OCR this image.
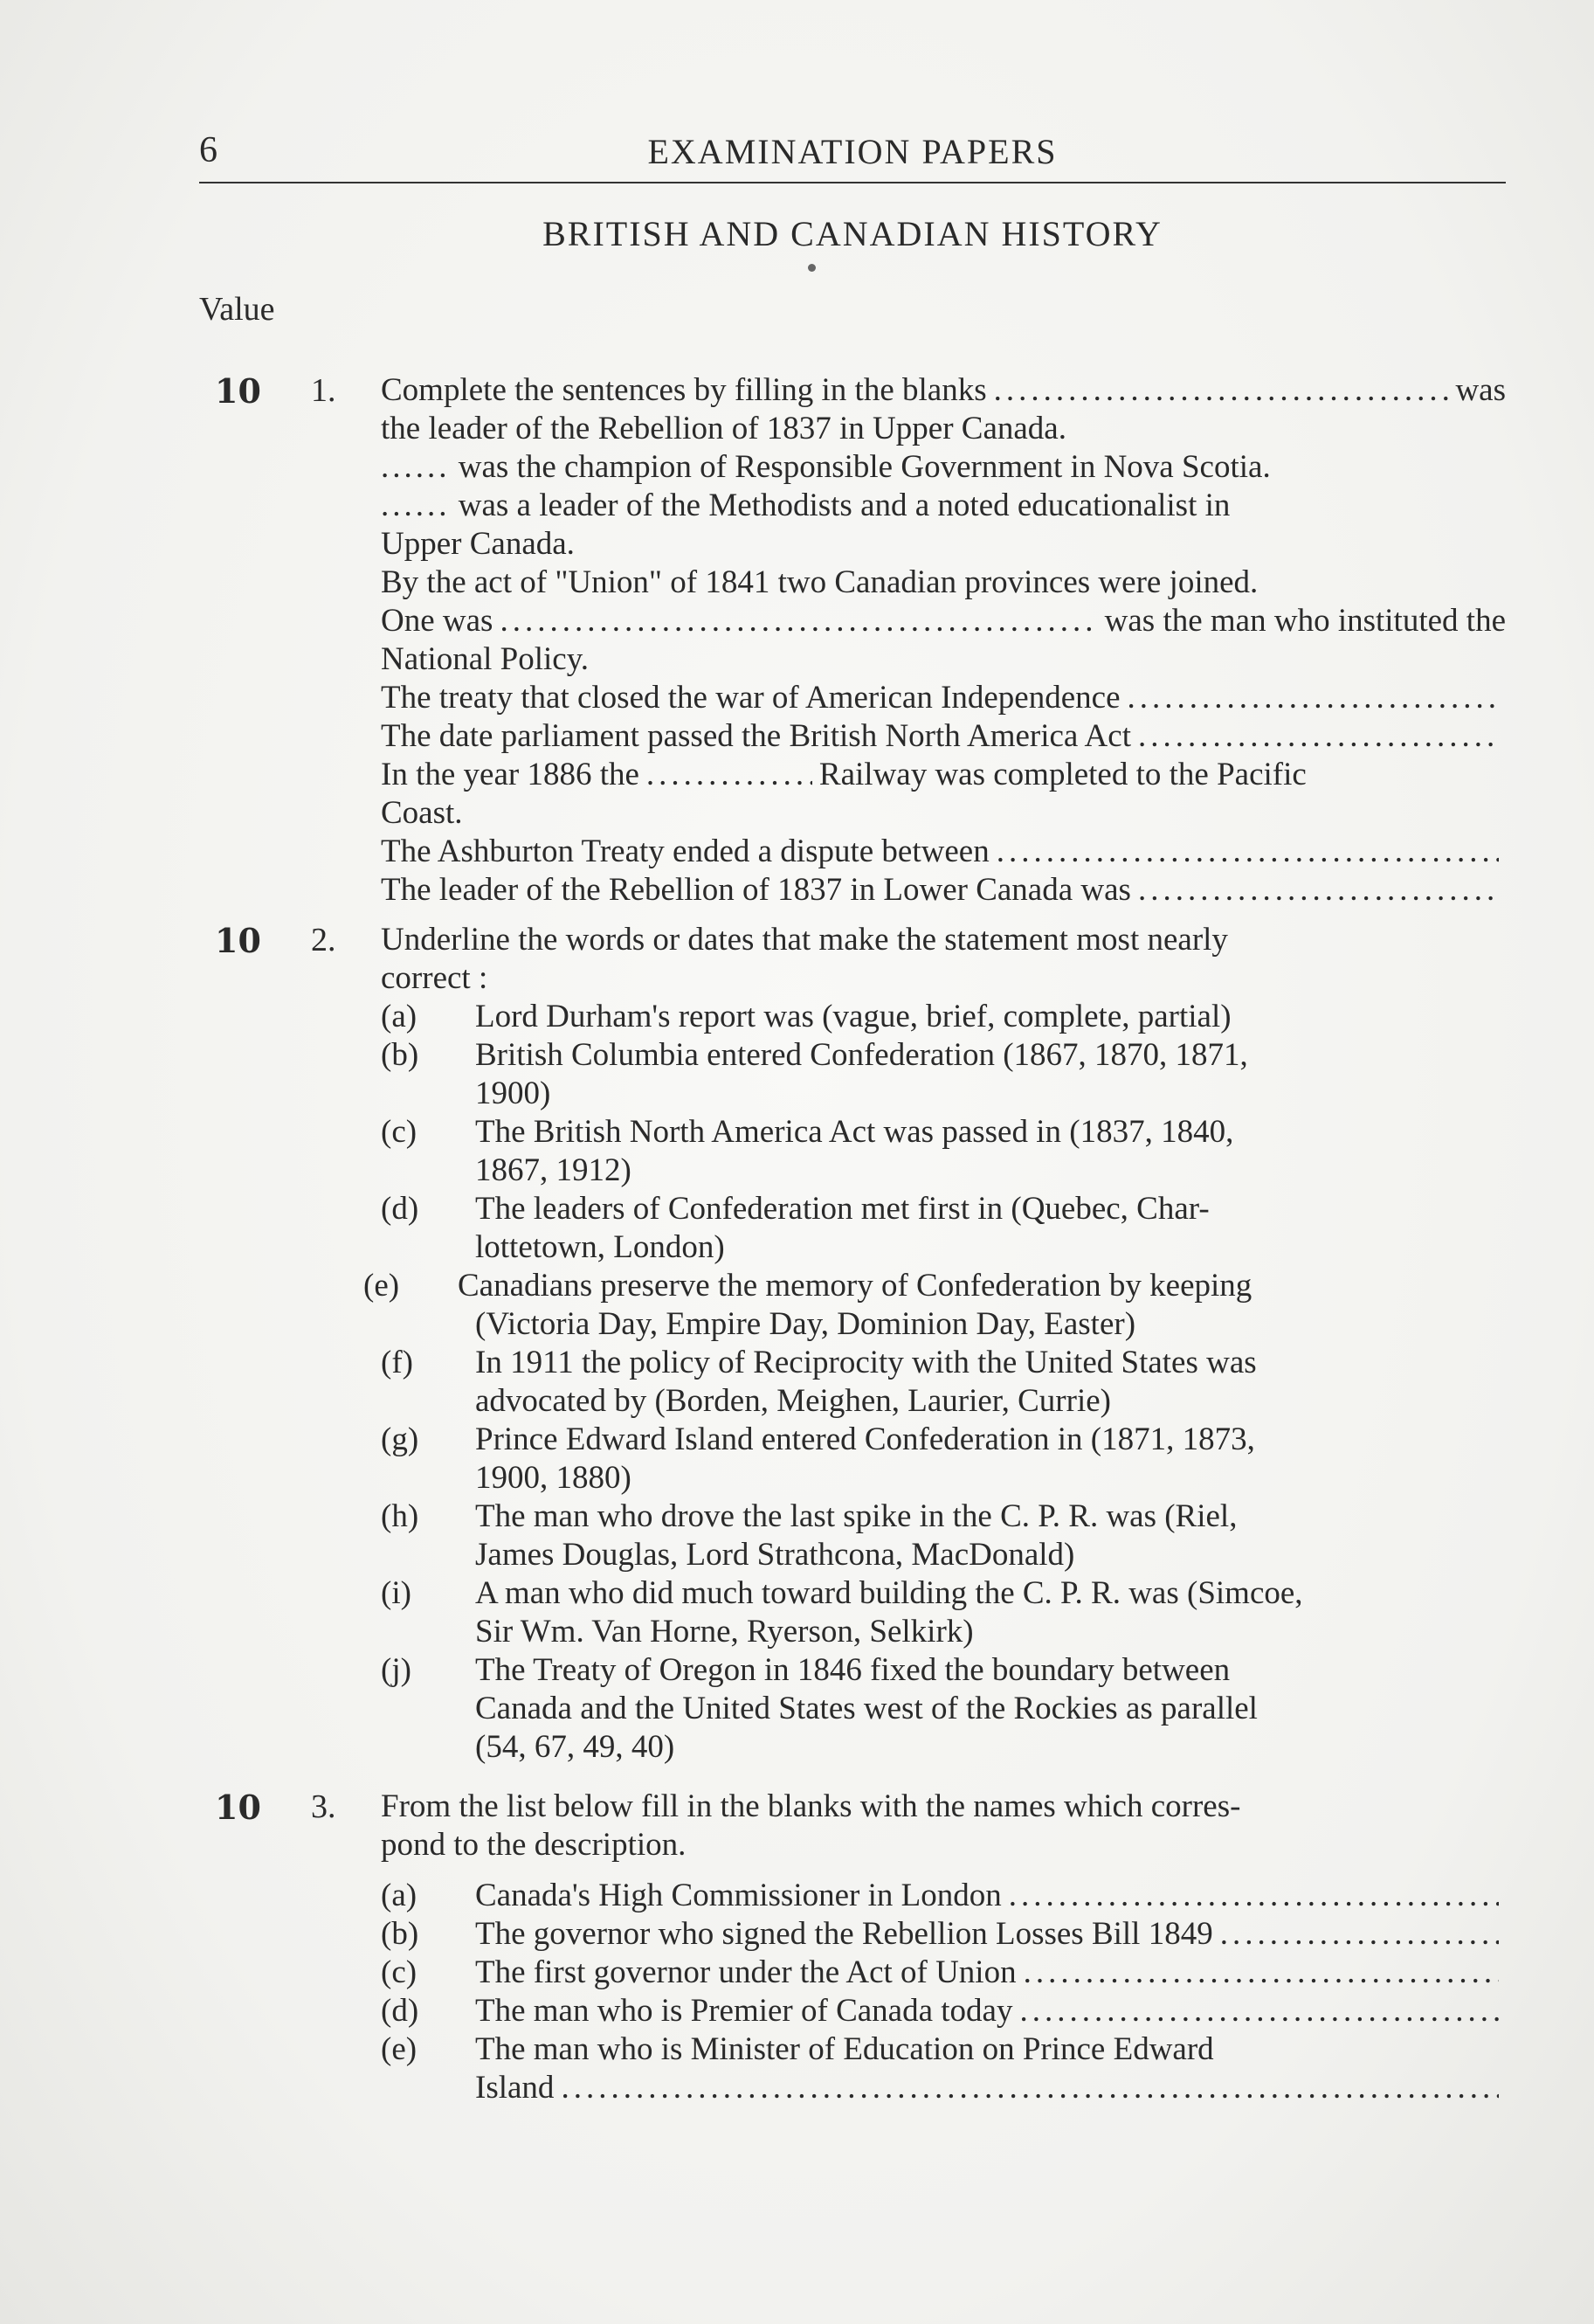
6	EXAMINATION PAPERS
BRITISH AND CANADIAN HISTORY
Value
10 1. Complete the sentences by filling in the blanks .....	was
the leader of the Rebellion of 1837 in Upper Canada.
......
was the champion of Responsible Government in Nova Scotia.
......
was a leader of the Methodists and a noted educationalist in
Upper Canada.
By the act of "Union" of 1841 two Canadian provinces were joined.
One was .....	was the man who instituted the
National Policy.
The treaty that closed the war of American Independence
.....
The date parliament passed the British North America Act
.....
In the year 1886 the .....	Railway was completed to the Pacific
Coast.
The Ashburton Treaty ended a dispute between
.....
The leader of the Rebellion of 1837 in Lower Canada was
.....
10 2. Underline the words or dates that make the statement most nearly
correct :
(a) Lord Durham's report was (vague, brief, complete, partial)
(b) British Columbia entered Confederation (1867, 1870, 1871,
1900)
(c) The British North America Act was passed in (1837, 1840,
1867, 1912)
(d) The leaders of Confederation met first in (Quebec, Char-
lottetown, London)
(e) Canadians preserve the memory of Confederation by keeping
(Victoria Day, Empire Day, Dominion Day, Easter)
(f) In 1911 the policy of Reciprocity with the United States was
advocated by (Borden, Meighen, Laurier, Currie)
(g) Prince Edward Island entered Confederation in (1871, 1873,
1900, 1880)
(h) The man who drove the last spike in the C. P. R. was (Riel,
James Douglas, Lord Strathcona, MacDonald)
(i) A man who did much toward building the C. P. R. was (Simcoe,
Sir Wm. Van Horne, Ryerson, Selkirk)
(j) The Treaty of Oregon in 1846 fixed the boundary between
Canada and the United States west of the Rockies as parallel
(54, 67, 49, 40)
10 3. From the list below fill in the blanks with the names which corres-
pond to the description.
(a) Canada's High Commissioner in London
.....
(b) The governor who signed the Rebellion Losses Bill 1849
.....
(c) The first governor under the Act of Union
.....
(d) The man who is Premier of Canada today
.....
(e) The man who is Minister of Education on Prince Edward
Island
.....
